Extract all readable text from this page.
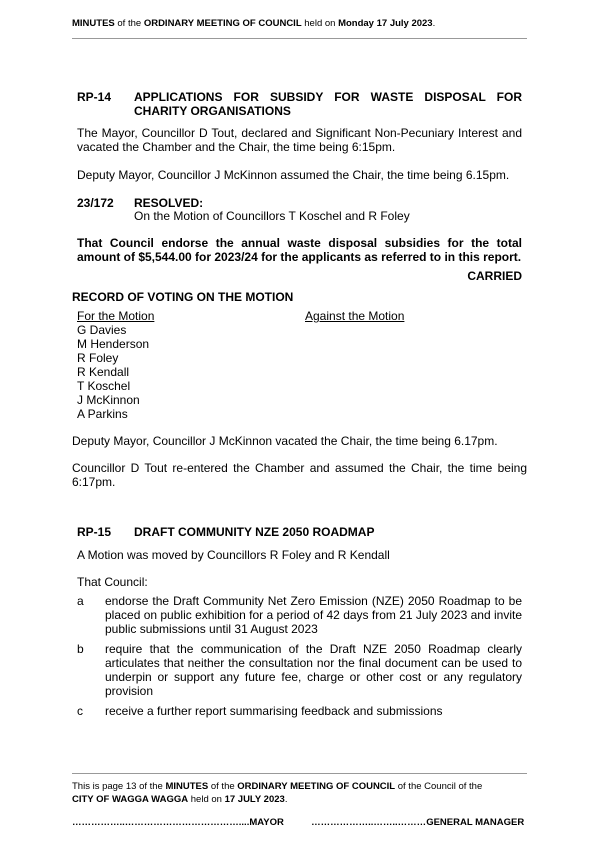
MINUTES of the ORDINARY MEETING OF COUNCIL held on Monday 17 July 2023.
RP-14 APPLICATIONS FOR SUBSIDY FOR WASTE DISPOSAL FOR
CHARITY ORGANISATIONS
The Mayor, Councillor D Tout, declared and Significant Non-Pecuniary Interest and vacated the Chamber and the Chair, the time being 6:15pm.
Deputy Mayor, Councillor J McKinnon assumed the Chair, the time being 6.15pm.
23/172 RESOLVED:
On the Motion of Councillors T Koschel and R Foley
That Council endorse the annual waste disposal subsidies for the total amount of $5,544.00 for 2023/24 for the applicants as referred to in this report.
CARRIED
RECORD OF VOTING ON THE MOTION
For the Motion	Against the Motion
G Davies
M Henderson
R Foley
R Kendall
T Koschel
J McKinnon
A Parkins
Deputy Mayor, Councillor J McKinnon vacated the Chair, the time being 6.17pm.
Councillor D Tout re-entered the Chamber and assumed the Chair, the time being 6:17pm.
RP-15 DRAFT COMMUNITY NZE 2050 ROADMAP
A Motion was moved by Councillors R Foley and R Kendall
That Council:
a endorse the Draft Community Net Zero Emission (NZE) 2050 Roadmap to be placed on public exhibition for a period of 42 days from 21 July 2023 and invite public submissions until 31 August 2023
b require that the communication of the Draft NZE 2050 Roadmap clearly articulates that neither the consultation nor the final document can be used to underpin or support any future fee, charge or other cost or any regulatory provision
c receive a further report summarising feedback and submissions
This is page 13 of the MINUTES of the ORDINARY MEETING OF COUNCIL of the Council of the
CITY OF WAGGA WAGGA held on 17 JULY 2023.
……………..………………………………....MAYOR	………………..……..………GENERAL MANAGER
